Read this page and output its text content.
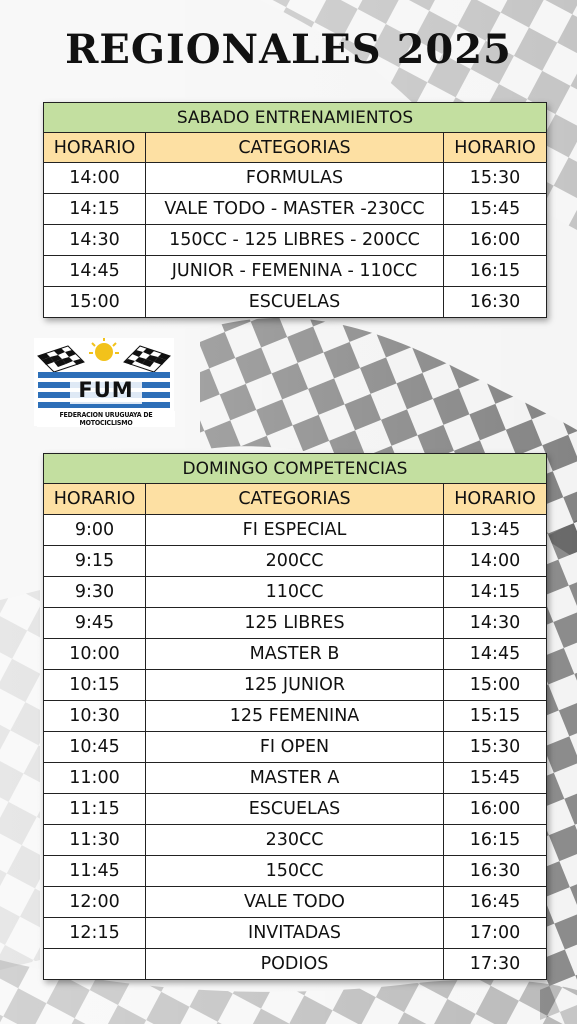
REGIONALES 2025
SABADO ENTRENAMIENTOS		
HORARIO	CATEGORIAS	HORARIO
14:00	FORMULAS	15:30
14:15	VALE TODO - MASTER -230CC	15:45
14:30	150CC - 125 LIBRES - 200CC	16:00
14:45	JUNIOR - FEMENINA - 110CC	16:15
15:00	ESCUELAS	16:30
FUM
FEDERACION URUGUAYA DE MOTOCICLISMO
DOMINGO COMPETENCIAS		
HORARIO	CATEGORIAS	HORARIO
9:00	FI ESPECIAL	13:45
9:15	200CC	14:00
9:30	110CC	14:15
9:45	125 LIBRES	14:30
10:00	MASTER B	14:45
10:15	125 JUNIOR	15:00
10:30	125 FEMENINA	15:15
10:45	FI OPEN	15:30
11:00	MASTER A	15:45
11:15	ESCUELAS	16:00
11:30	230CC	16:15
11:45	150CC	16:30
12:00	VALE TODO	16:45
12:15	INVITADAS	17:00
	PODIOS	17:30
